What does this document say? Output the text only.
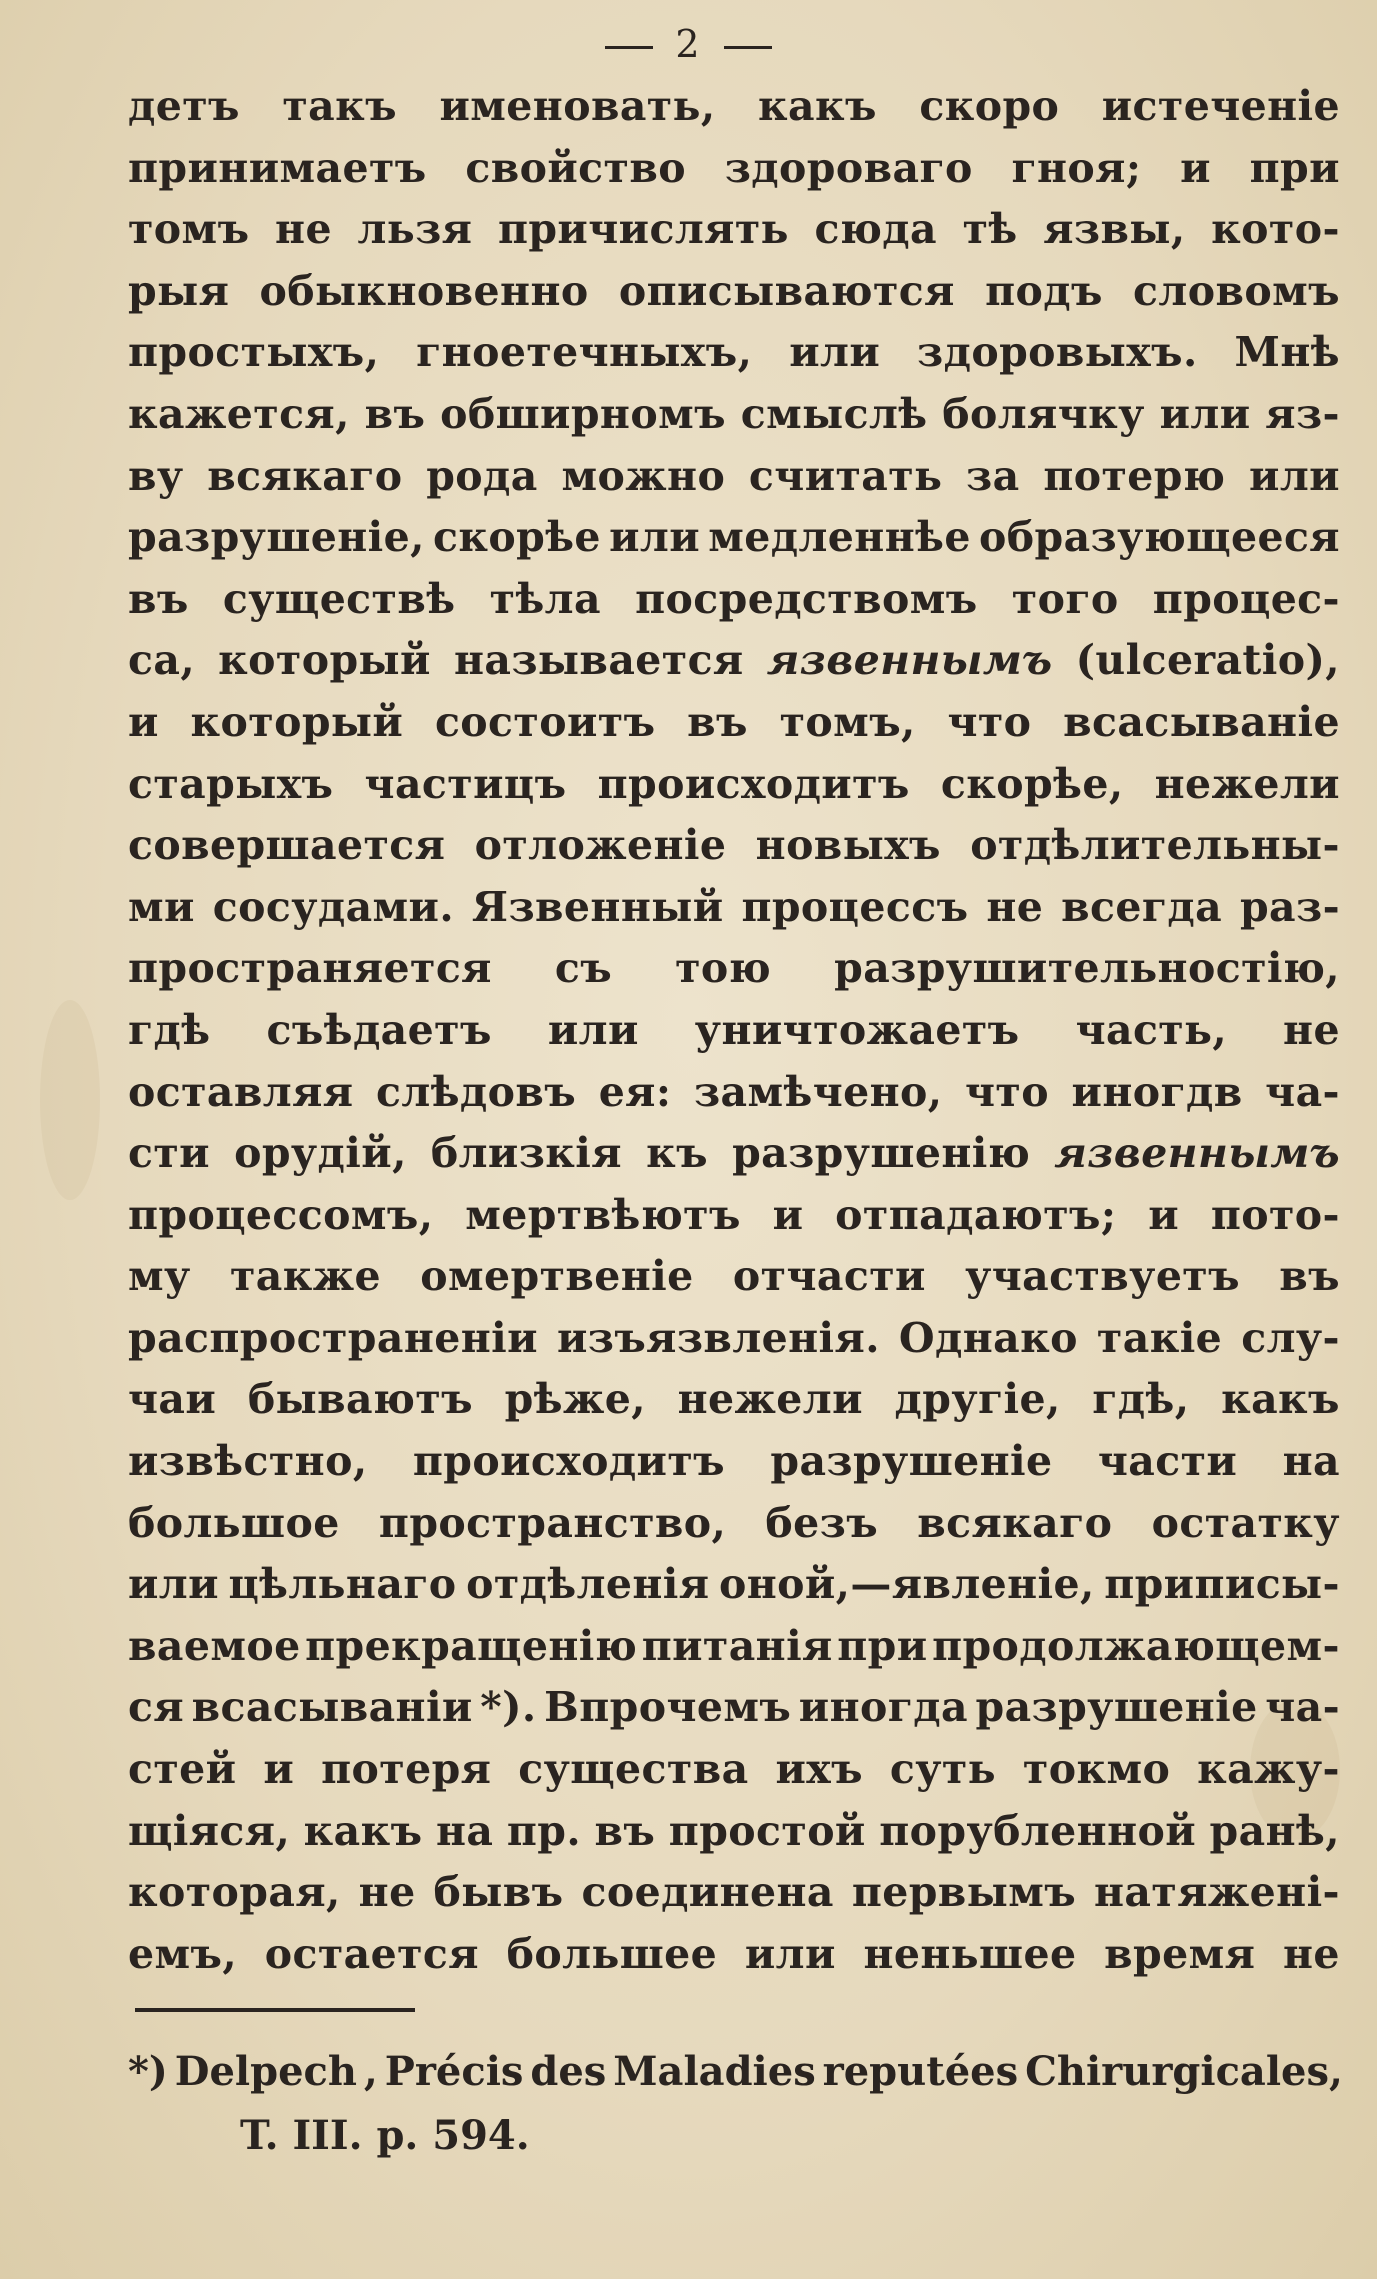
2
детъ такъ именовать, какъ скоро истеченіе
принимаетъ свойство здороваго гноя; и при
томъ не льзя причислять сюда тѣ язвы, кото-
рыя обыкновенно описываются подъ словомъ
простыхъ, гноетечныхъ, или здоровыхъ. Мнѣ
кажется, въ обширномъ смыслѣ болячку или яз-
ву всякаго рода можно считать за потерю или
разрушеніе, скорѣе или медленнѣе образующееся
въ существѣ тѣла посредствомъ того процес-
са, который называется язвеннымъ (ulceratio),
и который состоитъ въ томъ, что всасываніе
старыхъ частицъ происходитъ скорѣе, нежели
совершается отложеніе новыхъ отдѣлительны-
ми сосудами. Язвенный процессъ не всегда раз-
пространяется съ тою разрушительностію,
гдѣ съѣдаетъ или уничтожаетъ часть, не
оставляя слѣдовъ ея: замѣчено, что иногдв ча-
сти орудій, близкія къ разрушенію язвеннымъ
процессомъ, мертвѣютъ и отпадаютъ; и пото-
му также омертвеніе отчасти участвуетъ въ
распространеніи изъязвленія. Однако такіе слу-
чаи бываютъ рѣже, нежели другіе, гдѣ, какъ
извѣстно, происходитъ разрушеніе части на
большое пространство, безъ всякаго остатку
или цѣльнаго отдѣленія оной,—явленіе, приписы-
ваемое прекращенію питанія при продолжающем-
ся всасываніи *). Впрочемъ иногда разрушеніе ча-
стей и потеря существа ихъ суть токмо кажу-
щіяся, какъ на пр. въ простой порубленной ранѣ,
которая, не бывъ соединена первымъ натяжені-
емъ, остается большее или неньшее время не
*) Delpech , Précis des Maladies reputées Chirurgicales,
T. III. p. 594.
